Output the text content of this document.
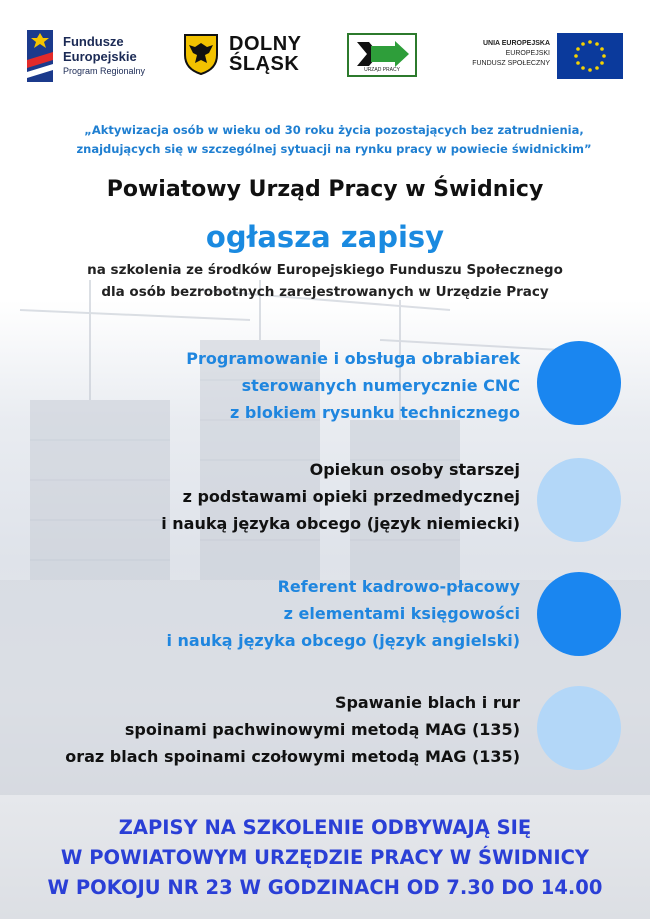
Fundusze
Europejskie
Program Regionalny
DOLNY
ŚLĄSK	URZĄD PRACY
UNIA EUROPEJSKA
EUROPEJSKI
FUNDUSZ SPOŁECZNY
„Aktywizacja osób w wieku od 30 roku życia pozostających bez zatrudnienia,
znajdujących się w szczególnej sytuacji na rynku pracy w powiecie świdnickim”
Powiatowy Urząd Pracy w Świdnicy
ogłasza zapisy
na szkolenia ze środków Europejskiego Funduszu Społecznego
dla osób bezrobotnych zarejestrowanych w Urzędzie Pracy
Programowanie i obsługa obrabiarek
sterowanych numerycznie CNC
z blokiem rysunku technicznego
Opiekun osoby starszej
z podstawami opieki przedmedycznej
i nauką języka obcego (język niemiecki)
Referent kadrowo-płacowy
z elementami księgowości
i nauką języka obcego (język angielski)
Spawanie blach i rur
spoinami pachwinowymi metodą MAG (135)
oraz blach spoinami czołowymi metodą MAG (135)
ZAPISY NA SZKOLENIE ODBYWAJĄ SIĘ
W POWIATOWYM URZĘDZIE PRACY W ŚWIDNICY
W POKOJU NR 23 W GODZINACH OD 7.30 DO 14.00
